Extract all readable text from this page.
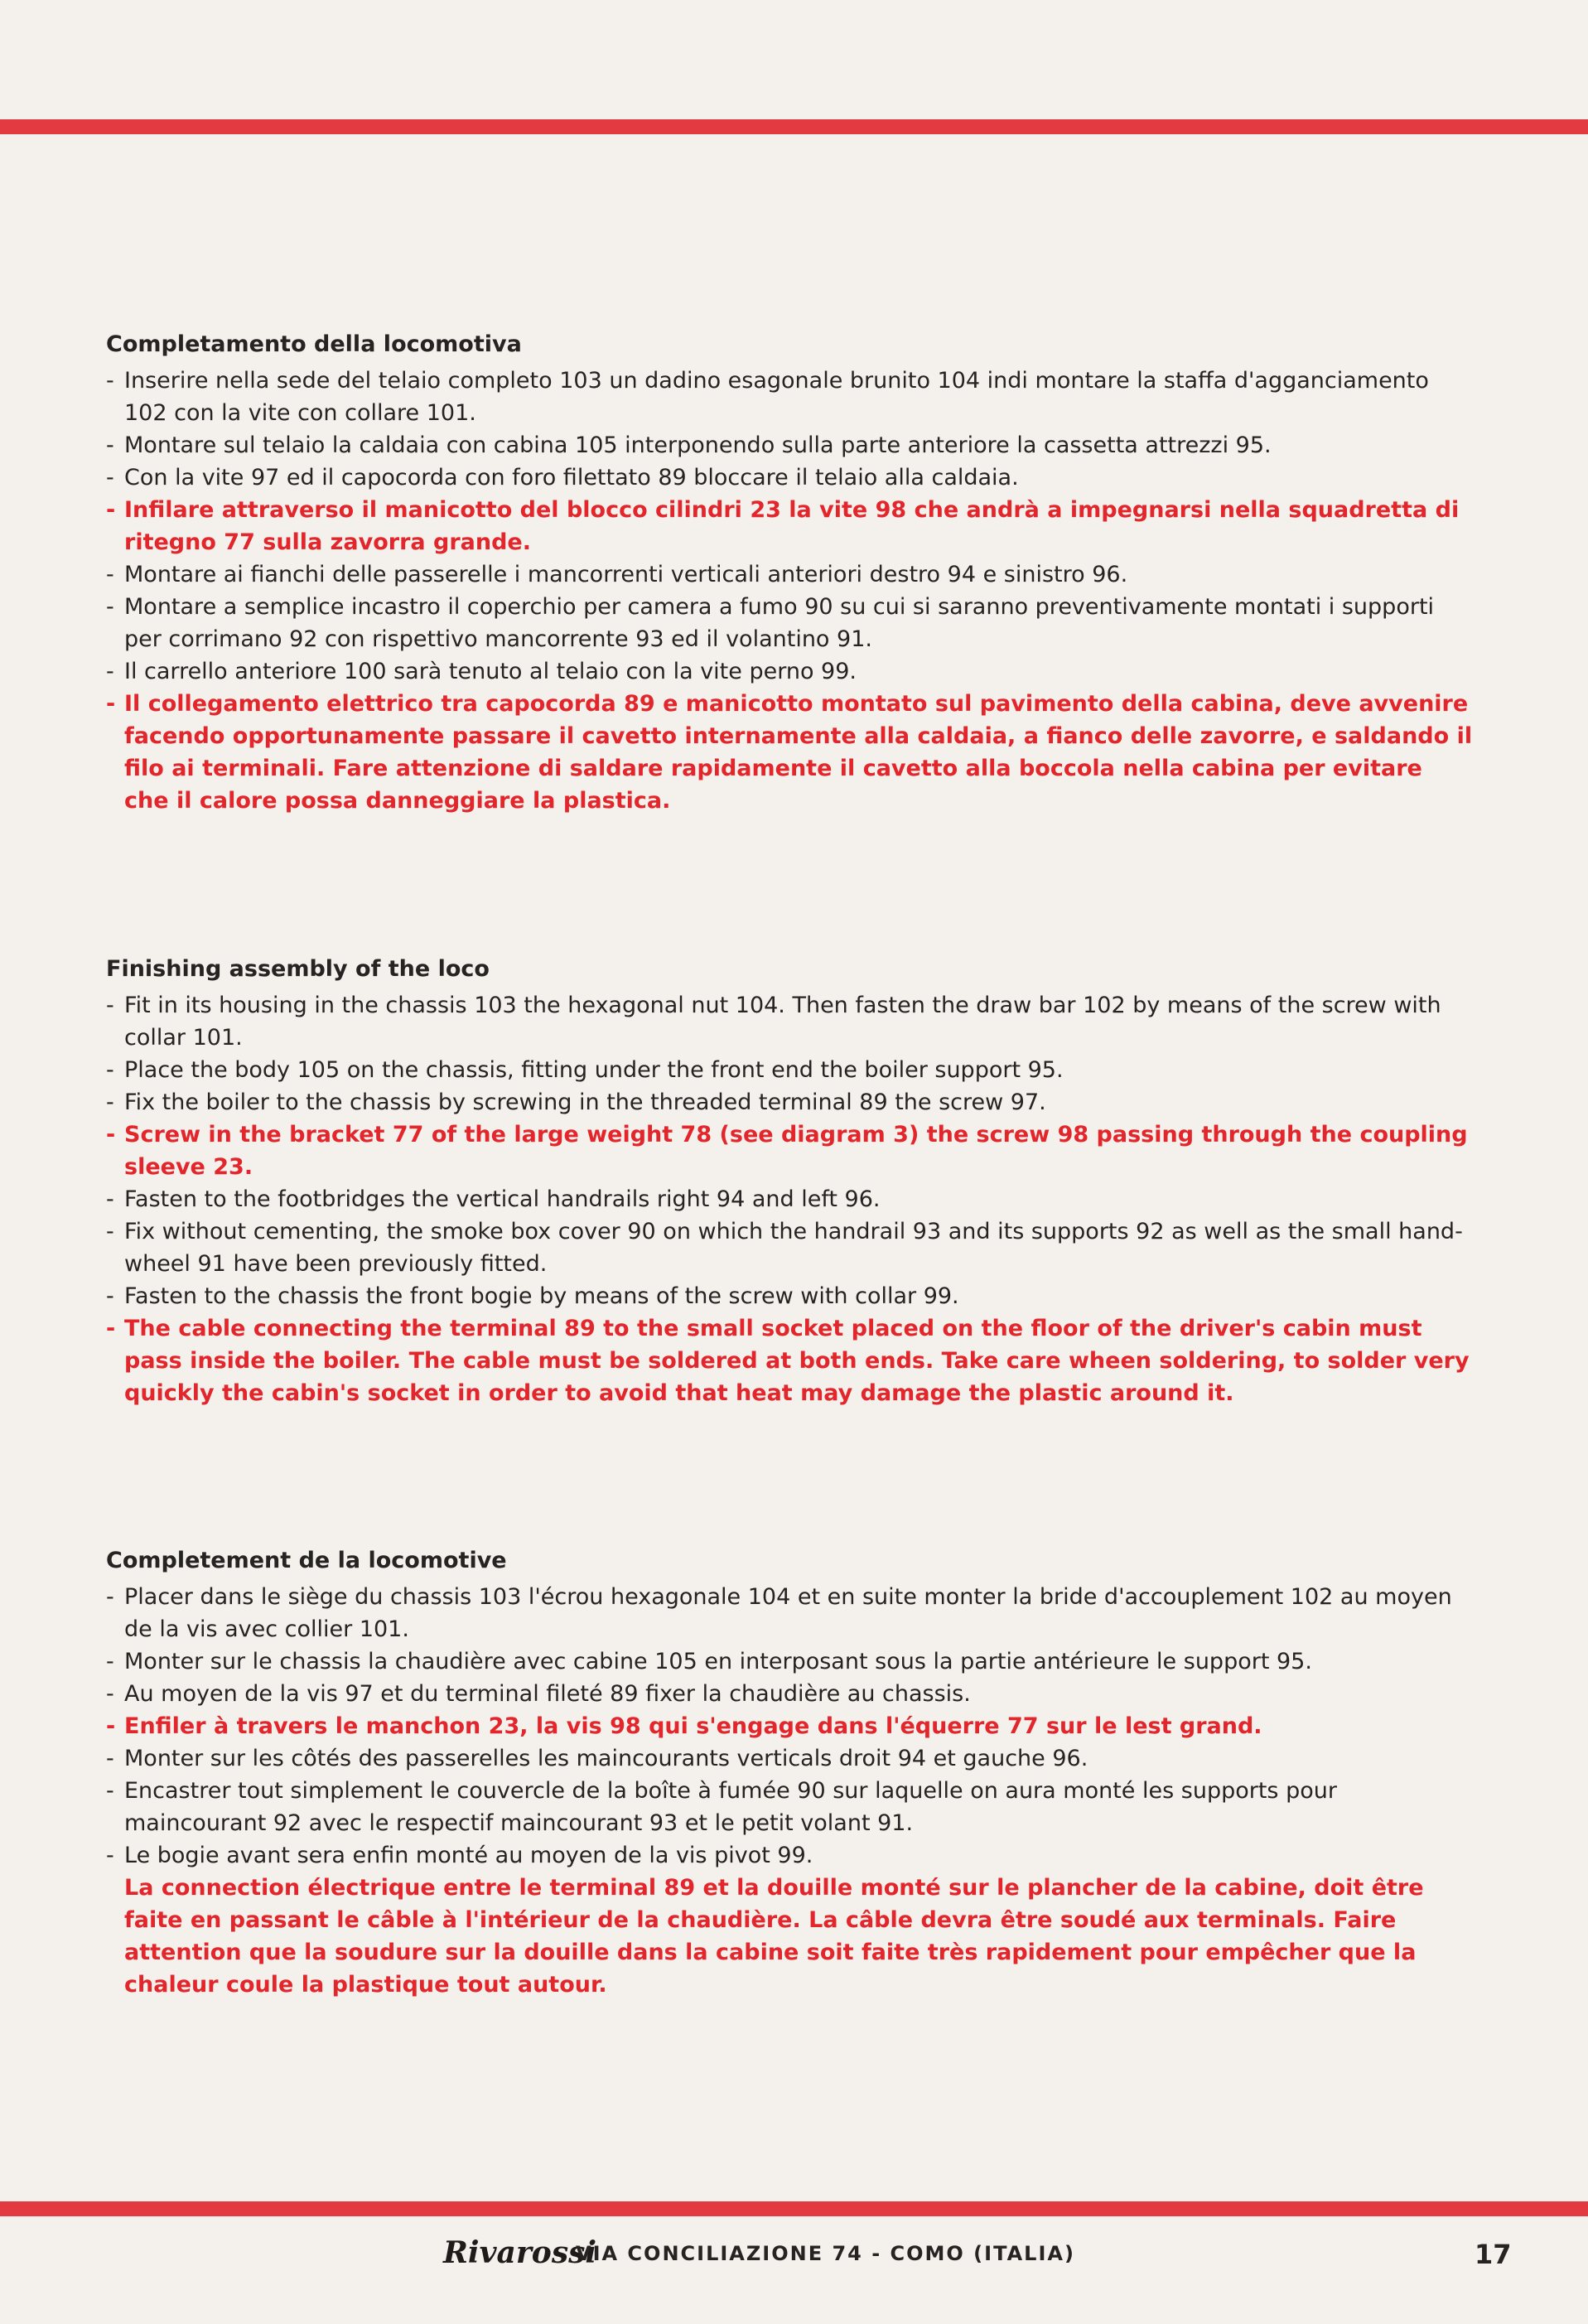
Completamento della locomotiva
- Inserire nella sede del telaio completo 103 un dadino esagonale brunito 104 indi montare la staffa d'agganciamento 102 con la vite con collare 101.
- Montare sul telaio la caldaia con cabina 105 interponendo sulla parte anteriore la cassetta attrezzi 95.
- Con la vite 97 ed il capocorda con foro filettato 89 bloccare il telaio alla caldaia.
- Infilare attraverso il manicotto del blocco cilindri 23 la vite 98 che andrà a impegnarsi nella squadretta di ritegno 77 sulla zavorra grande.
- Montare ai fianchi delle passerelle i mancorrenti verticali anteriori destro 94 e sinistro 96.
- Montare a semplice incastro il coperchio per camera a fumo 90 su cui si saranno preventivamente montati i supporti per corrimano 92 con rispettivo mancorrente 93 ed il volantino 91.
- Il carrello anteriore 100 sarà tenuto al telaio con la vite perno 99.
- Il collegamento elettrico tra capocorda 89 e manicotto montato sul pavimento della cabina, deve avvenire facendo opportunamente passare il cavetto internamente alla caldaia, a fianco delle zavorre, e saldando il filo ai terminali. Fare attenzione di saldare rapidamente il cavetto alla boccola nella cabina per evitare che il calore possa danneggiare la plastica.
Finishing assembly of the loco
- Fit in its housing in the chassis 103 the hexagonal nut 104. Then fasten the draw bar 102 by means of the screw with collar 101.
- Place the body 105 on the chassis, fitting under the front end the boiler support 95.
- Fix the boiler to the chassis by screwing in the threaded terminal 89 the screw 97.
- Screw in the bracket 77 of the large weight 78 (see diagram 3) the screw 98 passing through the coupling sleeve 23.
- Fasten to the footbridges the vertical handrails right 94 and left 96.
- Fix without cementing, the smoke box cover 90 on which the handrail 93 and its supports 92 as well as the small hand-wheel 91 have been previously fitted.
- Fasten to the chassis the front bogie by means of the screw with collar 99.
- The cable connecting the terminal 89 to the small socket placed on the floor of the driver's cabin must pass inside the boiler. The cable must be soldered at both ends. Take care wheen soldering, to solder very quickly the cabin's socket in order to avoid that heat may damage the plastic around it.
Completement de la locomotive
- Placer dans le siège du chassis 103 l'écrou hexagonale 104 et en suite monter la bride d'accouplement 102 au moyen de la vis avec collier 101.
- Monter sur le chassis la chaudière avec cabine 105 en interposant sous la partie antérieure le support 95.
- Au moyen de la vis 97 et du terminal fileté 89 fixer la chaudière au chassis.
- Enfiler à travers le manchon 23, la vis 98 qui s'engage dans l'équerre 77 sur le lest grand.
- Monter sur les côtés des passerelles les maincourants verticals droit 94 et gauche 96.
- Encastrer tout simplement le couvercle de la boîte à fumée 90 sur laquelle on aura monté les supports pour maincourant 92 avec le respectif maincourant 93 et le petit volant 91.
- Le bogie avant sera enfin monté au moyen de la vis pivot 99.
La connection électrique entre le terminal 89 et la douille monté sur le plancher de la cabine, doit être faite en passant le câble à l'intérieur de la chaudière. La câble devra être soudé aux terminals. Faire attention que la soudure sur la douille dans la cabine soit faite très rapidement pour empêcher que la chaleur coule la plastique tout autour.
Rivarossi
VIA CONCILIAZIONE 74 - COMO (ITALIA)	17
